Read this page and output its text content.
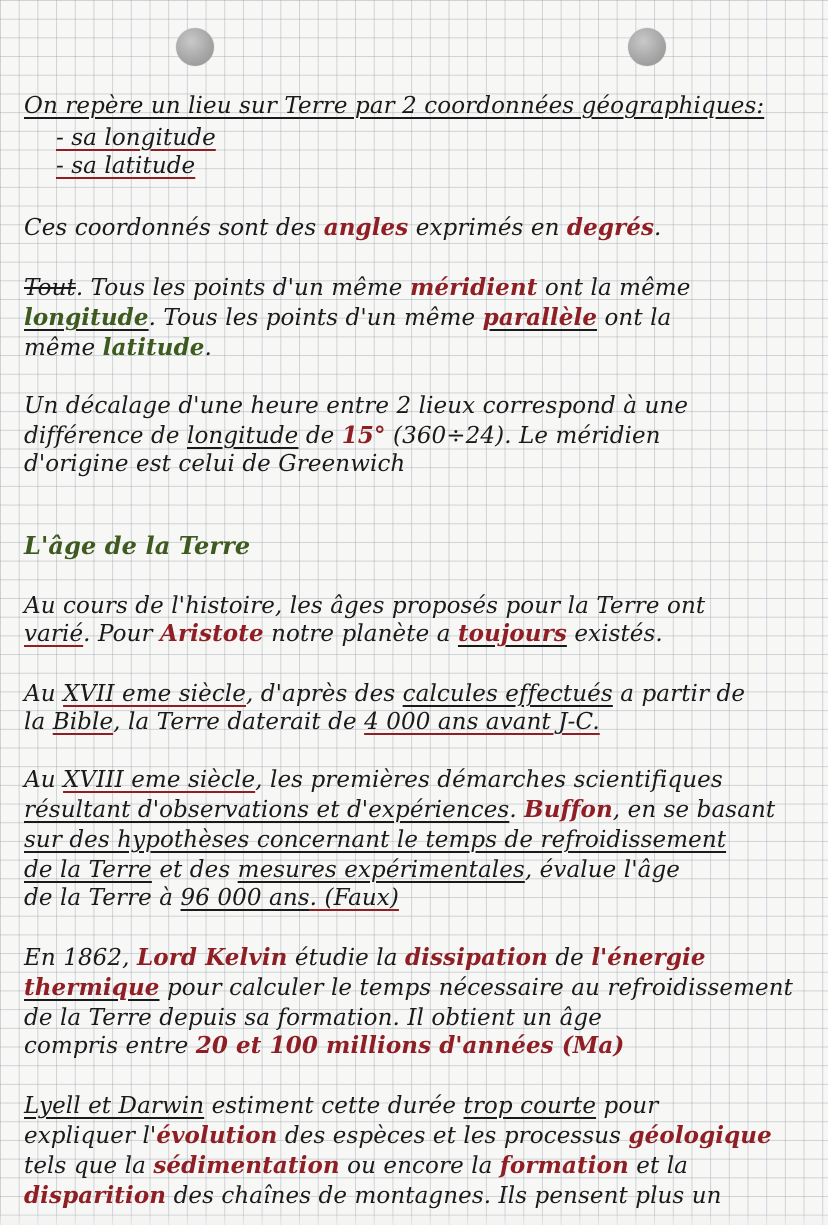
On repère un lieu sur Terre par 2 coordonnées géographiques:
- sa longitude
- sa latitude
Ces coordonnés sont des angles exprimés en degrés.
Tout. Tous les points d'un même méridient ont la même
longitude. Tous les points d'un même parallèle ont la
même latitude.
Un décalage d'une heure entre 2 lieux correspond à une
différence de longitude de 15° (360÷24). Le méridien
d'origine est celui de Greenwich
L'âge de la Terre
Au cours de l'histoire, les âges proposés pour la Terre ont
varié. Pour Aristote notre planète a toujours existés.
Au XVII eme siècle, d'après des calcules effectués a partir de
la Bible, la Terre daterait de 4 000 ans avant J-C.
Au XVIII eme siècle, les premières démarches scientifiques
résultant d'observations et d'expériences. Buffon, en se basant
sur des hypothèses concernant le temps de refroidissement
de la Terre et des mesures expérimentales, évalue l'âge
de la Terre à 96 000 ans. (Faux)
En 1862, Lord Kelvin étudie la dissipation de l'énergie
thermique pour calculer le temps nécessaire au refroidissement
de la Terre depuis sa formation. Il obtient un âge
compris entre 20 et 100 millions d'années (Ma)
Lyell et Darwin estiment cette durée trop courte pour
expliquer l'évolution des espèces et les processus géologique
tels que la sédimentation ou encore la formation et la
disparition des chaînes de montagnes. Ils pensent plus un
